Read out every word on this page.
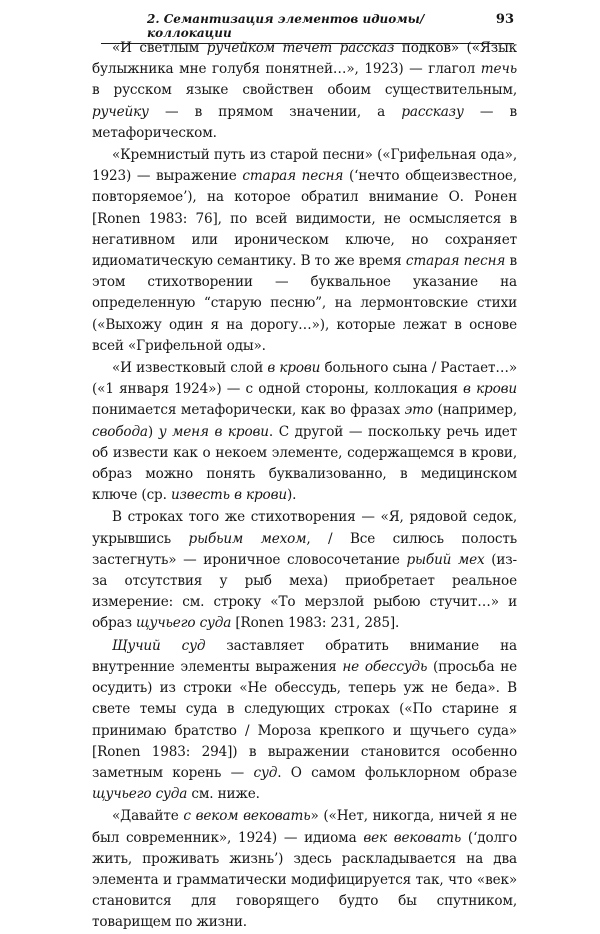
2. Семантизация элементов идиомы/коллокации
93

«И светлым ручейком течет рассказ подков» («Язык булыжника мне голубя понятней…», 1923) — глагол течь в русском языке свойствен обоим существительным, ручейку — в прямом значении, а рассказу — в метафорическом.

«Кремнистый путь из старой песни» («Грифельная ода», 1923) — выражение старая песня (‘нечто общеизвестное, повторяемое’), на которое обратил внимание О. Ронен [Ronen 1983: 76], по всей видимости, не осмысляется в негативном или ироническом ключе, но сохраняет идиоматическую семантику. В то же время старая песня в этом стихотворении — буквальное указание на определенную “старую песню”, на лермонтовские стихи («Выхожу один я на дорогу…»), которые лежат в основе всей «Грифельной оды».

«И известковый слой в крови больного сына / Растает…» («1 января 1924») — с одной стороны, коллокация в крови понимается метафорически, как во фразах это (например, свобода) у меня в крови. С другой — поскольку речь идет об извести как о некоем элементе, содержащемся в крови, образ можно понять буквализованно, в медицинском ключе (ср. известь в крови).

В строках того же стихотворения — «Я, рядовой седок, укрывшись рыбьим мехом, / Все силюсь полость застегнуть» — ироничное словосочетание рыбий мех (из-за отсутствия у рыб меха) приобретает реальное измерение: см. строку «То мерзлой рыбою стучит…» и образ щучьего суда [Ronen 1983: 231, 285].

Щучий суд заставляет обратить внимание на внутренние элементы выражения не обессудь (просьба не осудить) из строки «Не обессудь, теперь уж не беда». В свете темы суда в следующих строках («По старине я принимаю братство / Мороза крепкого и щучьего суда» [Ronen 1983: 294]) в выражении становится особенно заметным корень — суд. О самом фольклорном образе щучьего суда см. ниже.

«Давайте с веком вековать» («Нет, никогда, ничей я не был современник», 1924) — идиома век вековать (‘долго жить, проживать жизнь’) здесь раскладывается на два элемента и грамматически модифицируется так, что «век» становится для говорящего будто бы спутником, товарищем по жизни.
